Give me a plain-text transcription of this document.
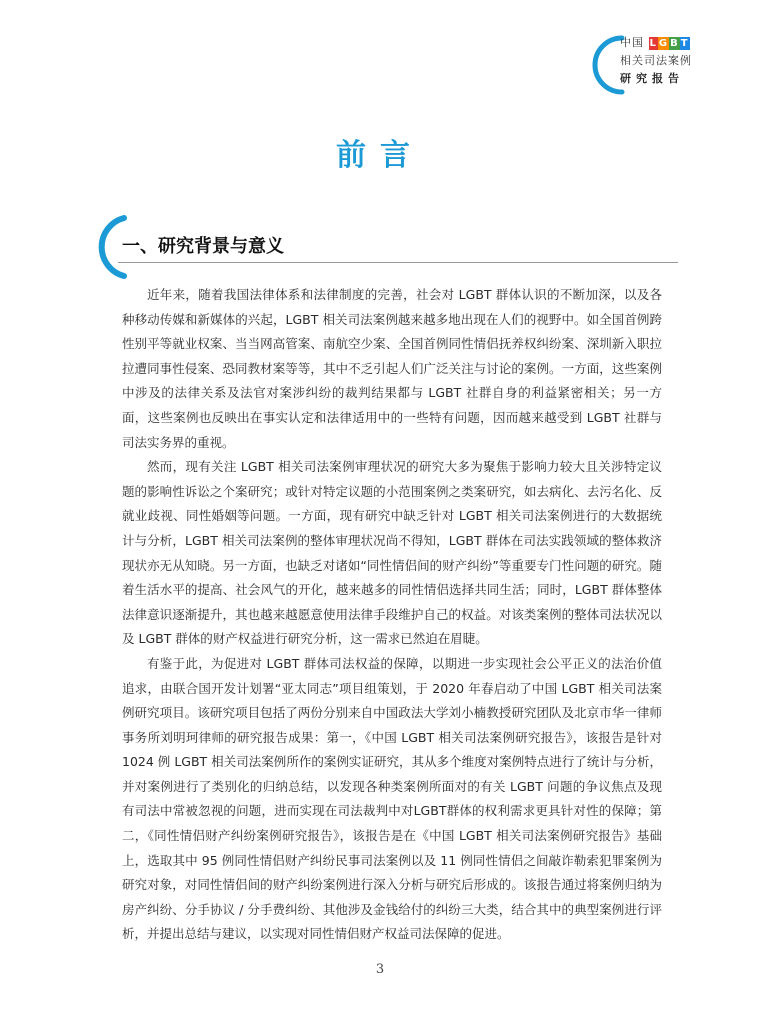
中国 L G B T
相关司法案例
研究报告
前言
一、研究背景与意义

近年来，随着我国法律体系和法律制度的完善，社会对 LGBT 群体认识的不断加深，以及各种移动传媒和新媒体的兴起，LGBT 相关司法案例越来越多地出现在人们的视野中。如全国首例跨性别平等就业权案、当当网高管案、南航空少案、全国首例同性情侣抚养权纠纷案、深圳新入职拉拉遭同事性侵案、恐同教材案等等，其中不乏引起人们广泛关注与讨论的案例。一方面，这些案例中涉及的法律关系及法官对案涉纠纷的裁判结果都与 LGBT 社群自身的利益紧密相关；另一方面，这些案例也反映出在事实认定和法律适用中的一些特有问题，因而越来越受到 LGBT 社群与司法实务界的重视。

然而，现有关注 LGBT 相关司法案例审理状况的研究大多为聚焦于影响力较大且关涉特定议题的影响性诉讼之个案研究；或针对特定议题的小范围案例之类案研究，如去病化、去污名化、反就业歧视、同性婚姻等问题。一方面，现有研究中缺乏针对 LGBT 相关司法案例进行的大数据统计与分析，LGBT 相关司法案例的整体审理状况尚不得知，LGBT 群体在司法实践领域的整体救济现状亦无从知晓。另一方面，也缺乏对诸如“同性情侣间的财产纠纷”等重要专门性问题的研究。随着生活水平的提高、社会风气的开化，越来越多的同性情侣选择共同生活；同时，LGBT 群体整体法律意识逐渐提升，其也越来越愿意使用法律手段维护自己的权益。对该类案例的整体司法状况以及 LGBT 群体的财产权益进行研究分析，这一需求已然迫在眉睫。

有鉴于此，为促进对 LGBT 群体司法权益的保障，以期进一步实现社会公平正义的法治价值追求，由联合国开发计划署“亚太同志”项目组策划，于 2020 年春启动了中国 LGBT 相关司法案例研究项目。该研究项目包括了两份分别来自中国政法大学刘小楠教授研究团队及北京市华一律师事务所刘明珂律师的研究报告成果：第一，《中国 LGBT 相关司法案例研究报告》，该报告是针对 1024 例 LGBT 相关司法案例所作的案例实证研究，其从多个维度对案例特点进行了统计与分析，并对案例进行了类别化的归纳总结，以发现各种类案例所面对的有关 LGBT 问题的争议焦点及现有司法中常被忽视的问题，进而实现在司法裁判中对LGBT群体的权利需求更具针对性的保障；第二，《同性情侣财产纠纷案例研究报告》，该报告是在《中国 LGBT 相关司法案例研究报告》基础上，选取其中 95 例同性情侣财产纠纷民事司法案例以及 11 例同性情侣之间敲诈勒索犯罪案例为研究对象，对同性情侣间的财产纠纷案例进行深入分析与研究后形成的。该报告通过将案例归纳为房产纠纷、分手协议 / 分手费纠纷、其他涉及金钱给付的纠纷三大类，结合其中的典型案例进行评析，并提出总结与建议，以实现对同性情侣财产权益司法保障的促进。

3
